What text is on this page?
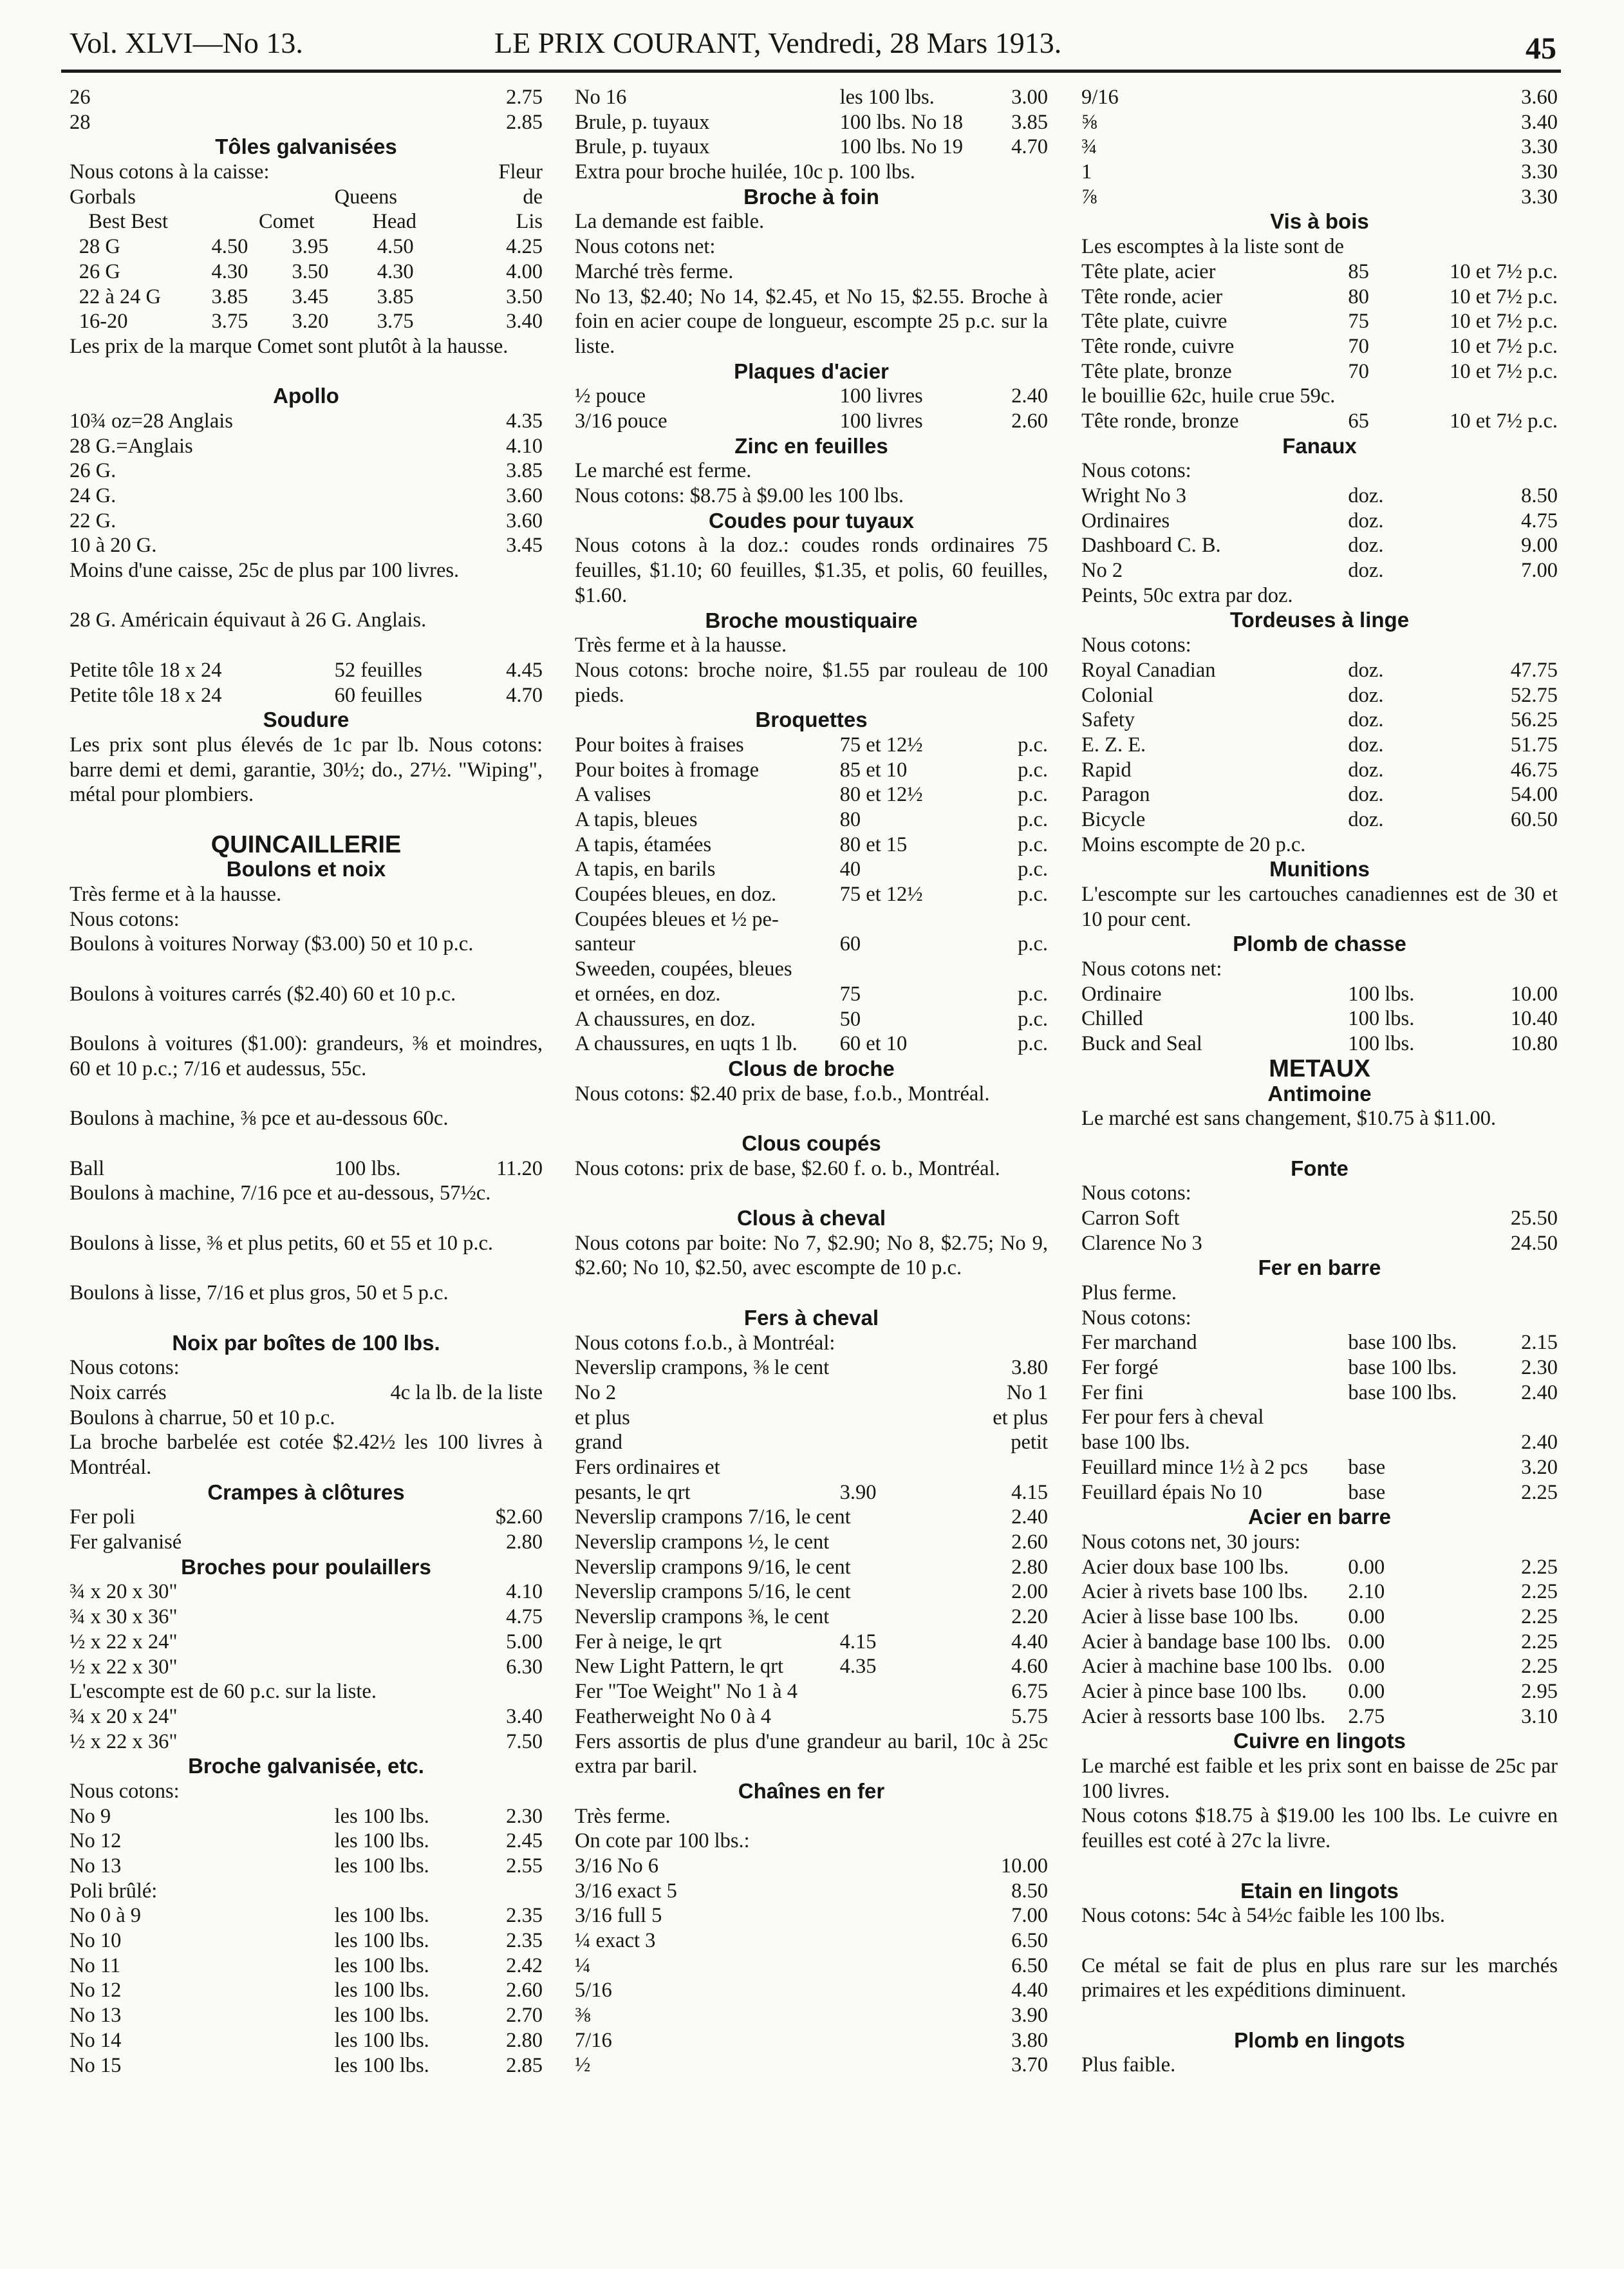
Vol. XLVI—No 13.	LE PRIX COURANT, Vendredi, 28 Mars 1913.	45
26	2.75
28	2.85
Tôles galvanisées
Nous cotons à la caisse:	Fleur
Gorbals	Queens	de
Best Best	Comet	Head	Lis
28 G	4.50 3.95 4.50	4.25
26 G	4.30 3.50 4.30	4.00
22 à 24 G 3.85 3.45 3.85	3.50
16-20	3.75 3.20 3.75	3.40
Les prix de la marque Comet sont plutôt à la hausse.
Apollo
10¾ oz=28 Anglais	4.35
28 G.=Anglais	4.10
26 G.	3.85
24 G.	3.60
22 G.	3.60
10 à 20 G.	3.45
Moins d'une caisse, 25c de plus par 100 livres.
28 G. Américain équivaut à 26 G. Anglais.
Petite tôle 18 x 24	52 feuilles	4.45
Petite tôle 18 x 24	60 feuilles	4.70
Soudure
Les prix sont plus élevés de 1c par lb. Nous cotons: barre demi et demi, garantie, 30½; do., 27½. "Wiping", métal pour plombiers.
QUINCAILLERIE
Boulons et noix
Très ferme et à la hausse.
Nous cotons:
Boulons à voitures Norway ($3.00) 50 et 10 p.c.
Boulons à voitures carrés ($2.40) 60 et 10 p.c.
Boulons à voitures ($1.00): grandeurs, ⅜ et moindres, 60 et 10 p.c.; 7/16 et audessus, 55c.
Boulons à machine, ⅜ pce et au-dessous 60c.
Ball	100 lbs.	11.20
Boulons à machine, 7/16 pce et au-dessous, 57½c.
Boulons à lisse, ⅜ et plus petits, 60 et 55 et 10 p.c.
Boulons à lisse, 7/16 et plus gros, 50 et 5 p.c.
Noix par boîtes de 100 lbs.
Nous cotons:
Noix carrés	4c la lb. de la liste
Boulons à charrue, 50 et 10 p.c.
La broche barbelée est cotée $2.42½ les 100 livres à Montréal.
Crampes à clôtures
Fer poli	$2.60
Fer galvanisé	2.80
Broches pour poulaillers
¾ x 20 x 30"	4.10
¾ x 30 x 36"	4.75
½ x 22 x 24"	5.00
½ x 22 x 30"	6.30
L'escompte est de 60 p.c. sur la liste.
¾ x 20 x 24"	3.40
½ x 22 x 36"	7.50
Broche galvanisée, etc.
Nous cotons:
No 9	les 100 lbs.	2.30
No 12	les 100 lbs.	2.45
No 13	les 100 lbs.	2.55
Poli brûlé:
No 0 à 9	les 100 lbs.	2.35
No 10	les 100 lbs.	2.35
No 11	les 100 lbs.	2.42
No 12	les 100 lbs.	2.60
No 13	les 100 lbs.	2.70
No 14	les 100 lbs.	2.80
No 15	les 100 lbs.	2.85
No 16	les 100 lbs.	3.00
Brule, p. tuyaux	100 lbs. No 18 3.85
Brule, p. tuyaux	100 lbs. No 19 4.70
Extra pour broche huilée, 10c p. 100 lbs.
Broche à foin
La demande est faible.
Nous cotons net:
Marché très ferme.
No 13, $2.40; No 14, $2.45, et No 15, $2.55. Broche à foin en acier coupe de longueur, escompte 25 p.c. sur la liste.
Plaques d'acier
½ pouce	100 livres	2.40
3/16 pouce	100 livres	2.60
Zinc en feuilles
Le marché est ferme.
Nous cotons: $8.75 à $9.00 les 100 lbs.
Coudes pour tuyaux
Nous cotons à la doz.: coudes ronds ordinaires 75 feuilles, $1.10; 60 feuilles, $1.35, et polis, 60 feuilles, $1.60.
Broche moustiquaire
Très ferme et à la hausse.
Nous cotons: broche noire, $1.55 par rouleau de 100 pieds.
Broquettes
Pour boites à fraises	75 et 12½	p.c.
Pour boites à fromage	85 et 10	p.c.
A valises	80 et 12½	p.c.
A tapis, bleues	80	p.c.
A tapis, étamées	80 et 15	p.c.
A tapis, en barils	40	p.c.
Coupées bleues, en doz.	75 et 12½	p.c.
Coupées bleues et ½ pe-
santeur	60	p.c.
Sweeden, coupées, bleues
et ornées, en doz.	75	p.c.
A chaussures, en doz.	50	p.c.
A chaussures, en uqts 1 lb. 60 et 10	p.c.
Clous de broche
Nous cotons: $2.40 prix de base, f.o.b., Montréal.
Clous coupés
Nous cotons: prix de base, $2.60 f. o. b., Montréal.
Clous à cheval
Nous cotons par boite: No 7, $2.90; No 8, $2.75; No 9, $2.60; No 10, $2.50, avec escompte de 10 p.c.
Fers à cheval
Nous cotons f.o.b., à Montréal:
Neverslip crampons, ⅜ le cent	3.80
No 2	No 1
et plus	et plus
grand	petit
Fers ordinaires et
pesants, le qrt	3.90	4.15
Neverslip crampons 7/16, le cent	2.40
Neverslip crampons ½, le cent	2.60
Neverslip crampons 9/16, le cent	2.80
Neverslip crampons 5/16, le cent	2.00
Neverslip crampons ⅜, le cent	2.20
Fer à neige, le qrt	4.15	4.40
New Light Pattern, le qrt	4.35	4.60
Fer "Toe Weight" No 1 à 4	6.75
Featherweight No 0 à 4	5.75
Fers assortis de plus d'une grandeur au baril, 10c à 25c extra par baril.
Chaînes en fer
Très ferme.
On cote par 100 lbs.:
3/16 No 6	10.00
3/16 exact 5	8.50
3/16 full 5	7.00
¼ exact 3	6.50
¼	6.50
5/16	4.40
⅜	3.90
7/16	3.80
½	3.70
9/16	3.60
⅝	3.40
¾	3.30
1	3.30
⅞	3.30
Vis à bois
Les escomptes à la liste sont de
Tête plate, acier	85	10 et 7½ p.c.
Tête ronde, acier	80	10 et 7½ p.c.
Tête plate, cuivre	75	10 et 7½ p.c.
Tête ronde, cuivre	70	10 et 7½ p.c.
Tête plate, bronze	70	10 et 7½ p.c.
le bouillie 62c, huile crue 59c.
Tête ronde, bronze	65	10 et 7½ p.c.
Fanaux
Nous cotons:
Wright No 3	doz.	8.50
Ordinaires	doz.	4.75
Dashboard C. B.	doz.	9.00
No 2	doz.	7.00
Peints, 50c extra par doz.
Tordeuses à linge
Nous cotons:
Royal Canadian	doz.	47.75
Colonial	doz.	52.75
Safety	doz.	56.25
E. Z. E.	doz.	51.75
Rapid	doz.	46.75
Paragon	doz.	54.00
Bicycle	doz.	60.50
Moins escompte de 20 p.c.
Munitions
L'escompte sur les cartouches canadiennes est de 30 et 10 pour cent.
Plomb de chasse
Nous cotons net:
Ordinaire	100 lbs.	10.00
Chilled	100 lbs.	10.40
Buck and Seal	100 lbs.	10.80
METAUX
Antimoine
Le marché est sans changement, $10.75 à $11.00.
Fonte
Nous cotons:
Carron Soft	25.50
Clarence No 3	24.50
Fer en barre
Plus ferme.
Nous cotons:
Fer marchand	base 100 lbs.	2.15
Fer forgé	base 100 lbs.	2.30
Fer fini	base 100 lbs.	2.40
Fer pour fers à cheval
base 100 lbs.	2.40
Feuillard mince 1½ à 2 pcs base	3.20
Feuillard épais No 10	base	2.25
Acier en barre
Nous cotons net, 30 jours:
Acier doux base 100 lbs.	0.00	2.25
Acier à rivets base 100 lbs. 2.10	2.25
Acier à lisse base 100 lbs. 0.00	2.25
Acier à bandage base 100 lbs. 0.00	2.25
Acier à machine base 100 lbs. 0.00	2.25
Acier à pince base 100 lbs. 0.00	2.95
Acier à ressorts base 100 lbs. 2.75	3.10
Cuivre en lingots
Le marché est faible et les prix sont en baisse de 25c par 100 livres.
Nous cotons $18.75 à $19.00 les 100 lbs. Le cuivre en feuilles est coté à 27c la livre.
Etain en lingots
Nous cotons: 54c à 54½c faible les 100 lbs.
Ce métal se fait de plus en plus rare sur les marchés primaires et les expéditions diminuent.
Plomb en lingots
Plus faible.
